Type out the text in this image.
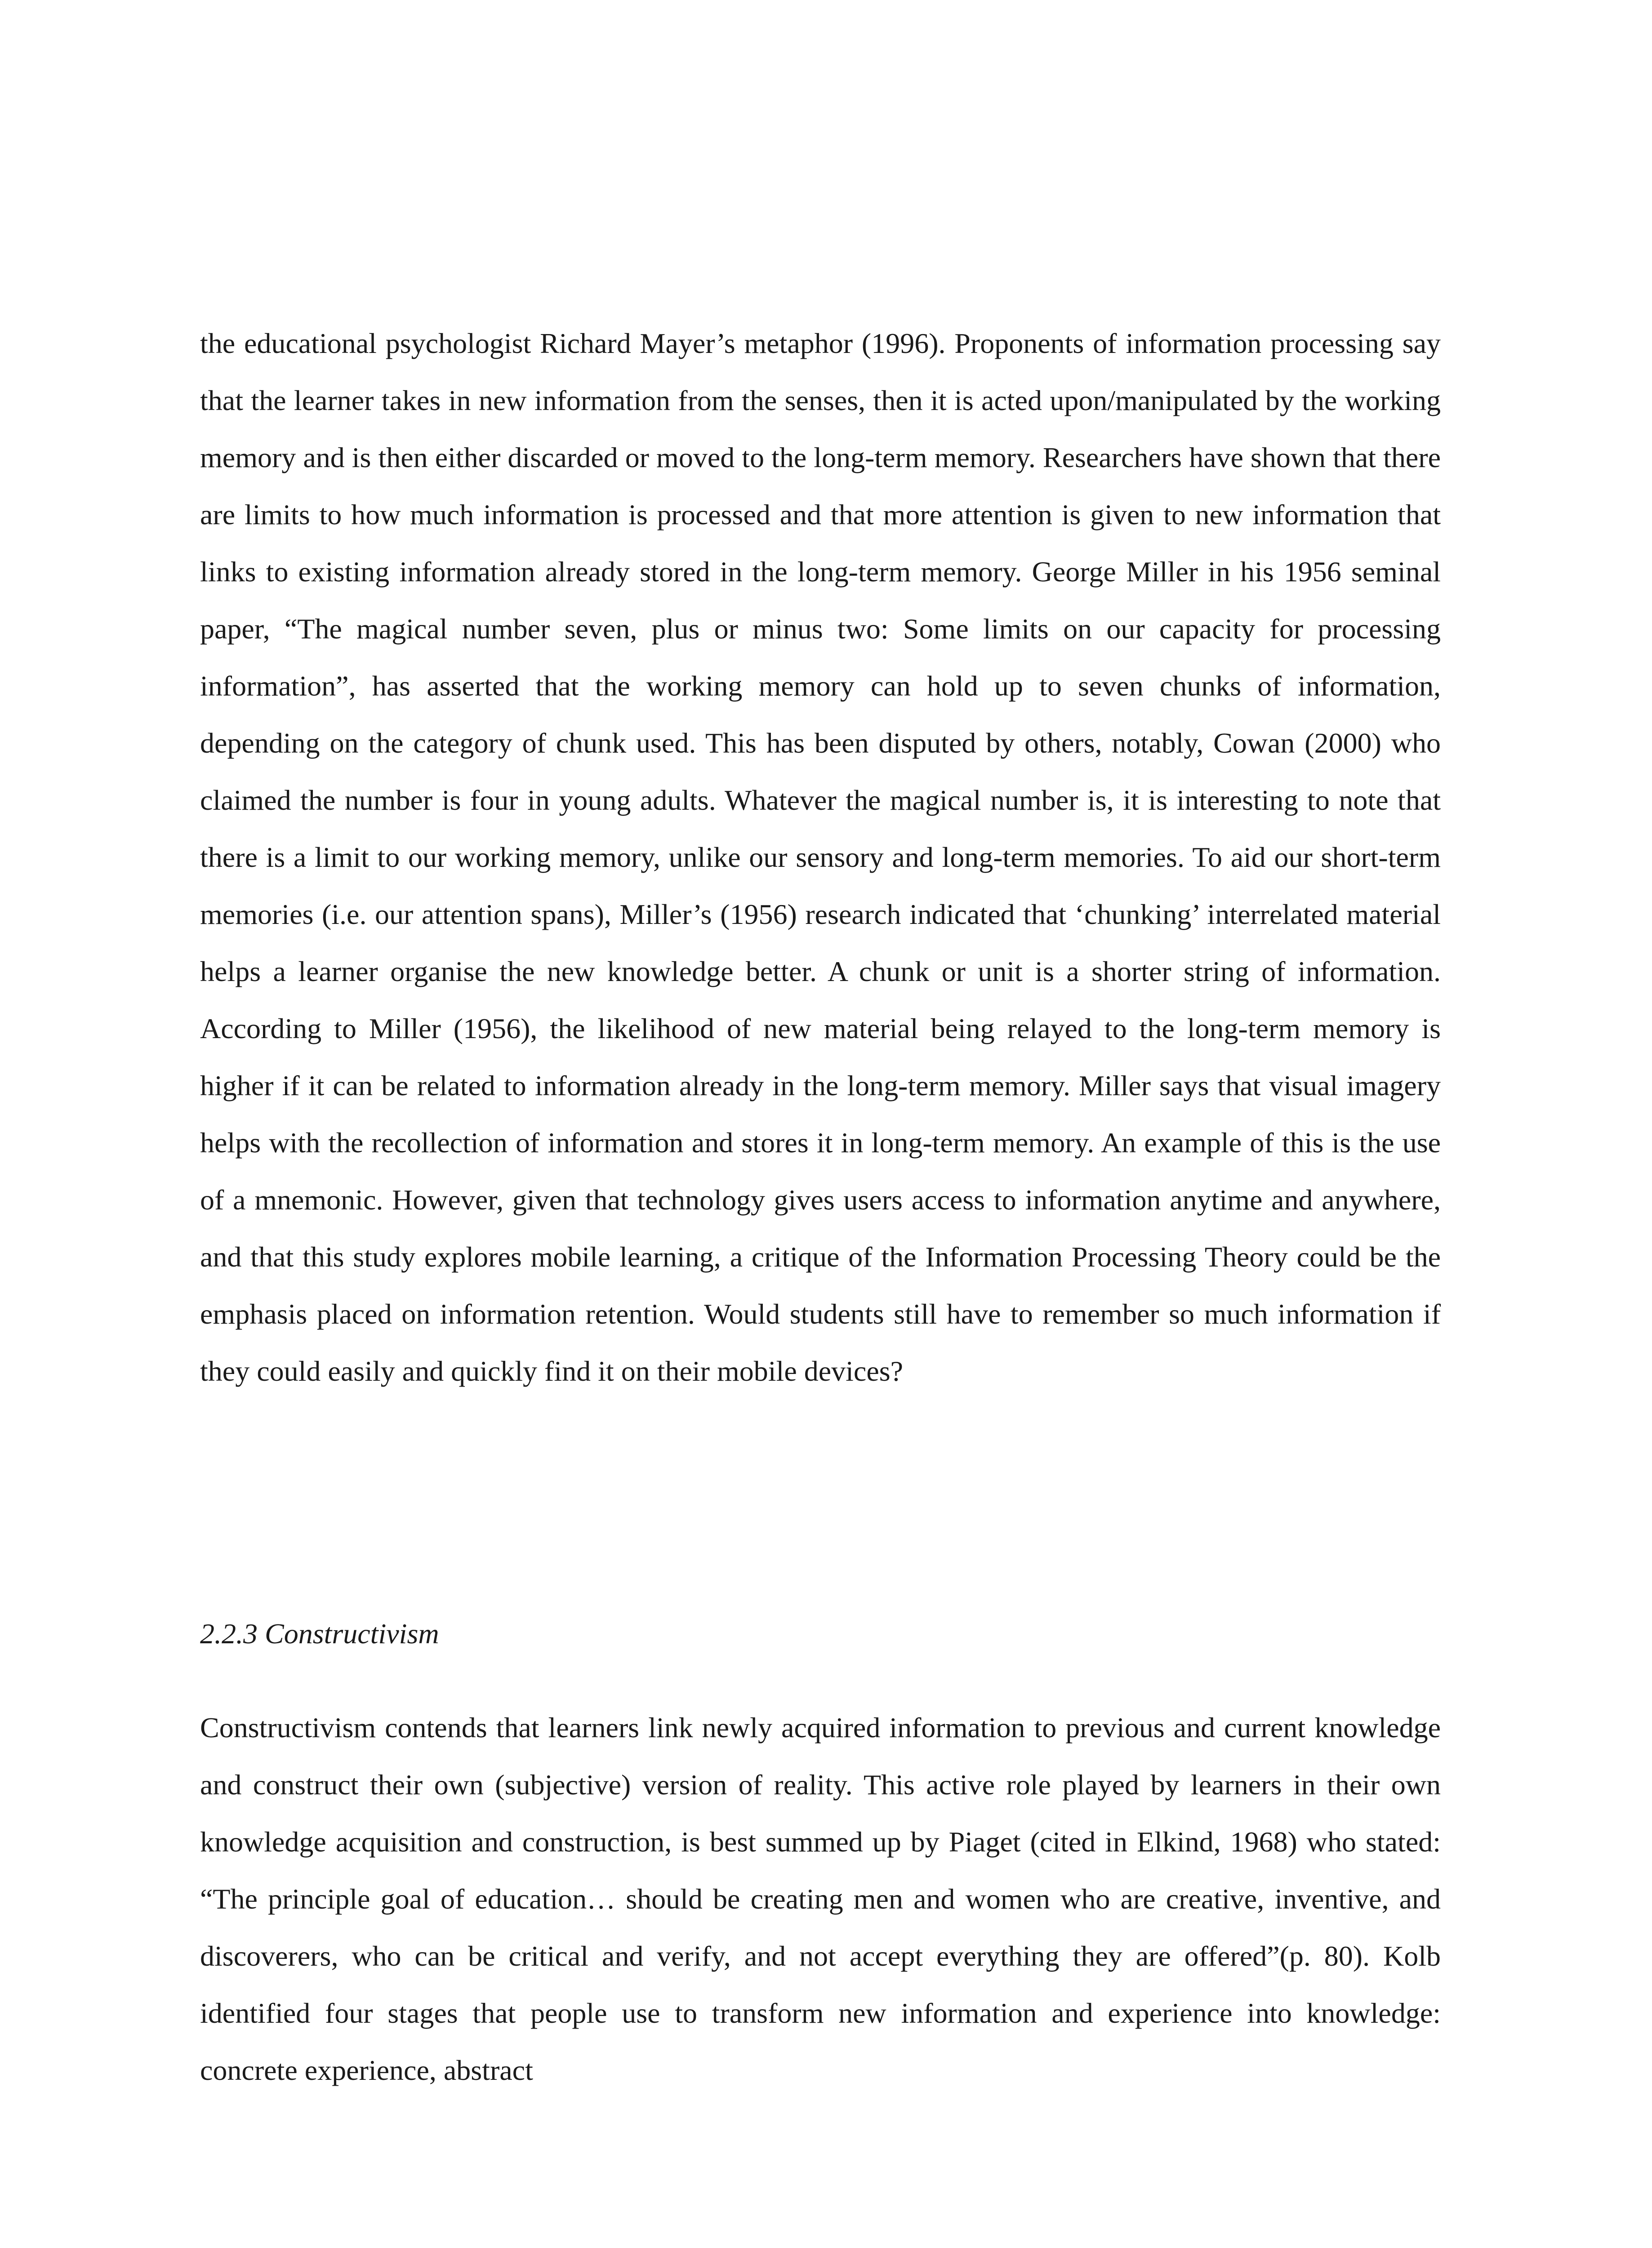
the educational psychologist Richard Mayer’s metaphor (1996). Proponents of information processing say that the learner takes in new information from the senses, then it is acted upon/manipulated by the working memory and is then either discarded or moved to the long-term memory. Researchers have shown that there are limits to how much information is processed and that more attention is given to new information that links to existing information already stored in the long-term memory. George Miller in his 1956 seminal paper, “The magical number seven, plus or minus two: Some limits on our capacity for processing information”, has asserted that the working memory can hold up to seven chunks of information, depending on the category of chunk used. This has been disputed by others, notably, Cowan (2000) who claimed the number is four in young adults. Whatever the magical number is, it is interesting to note that there is a limit to our working memory, unlike our sensory and long-term memories. To aid our short-term memories (i.e. our attention spans), Miller’s (1956) research indicated that ‘chunking’ interrelated material helps a learner organise the new knowledge better. A chunk or unit is a shorter string of information. According to Miller (1956), the likelihood of new material being relayed to the long-term memory is higher if it can be related to information already in the long-term memory. Miller says that visual imagery helps with the recollection of information and stores it in long-term memory. An example of this is the use of a mnemonic. However, given that technology gives users access to information anytime and anywhere, and that this study explores mobile learning, a critique of the Information Processing Theory could be the emphasis placed on information retention. Would students still have to remember so much information if they could easily and quickly find it on their mobile devices?

2.2.3 Constructivism

Constructivism contends that learners link newly acquired information to previous and current knowledge and construct their own (subjective) version of reality. This active role played by learners in their own knowledge acquisition and construction, is best summed up by Piaget (cited in Elkind, 1968) who stated: “The principle goal of education… should be creating men and women who are creative, inventive, and discoverers, who can be critical and verify, and not accept everything they are offered”(p. 80). Kolb identified four stages that people use to transform new information and experience into knowledge: concrete experience, abstract
